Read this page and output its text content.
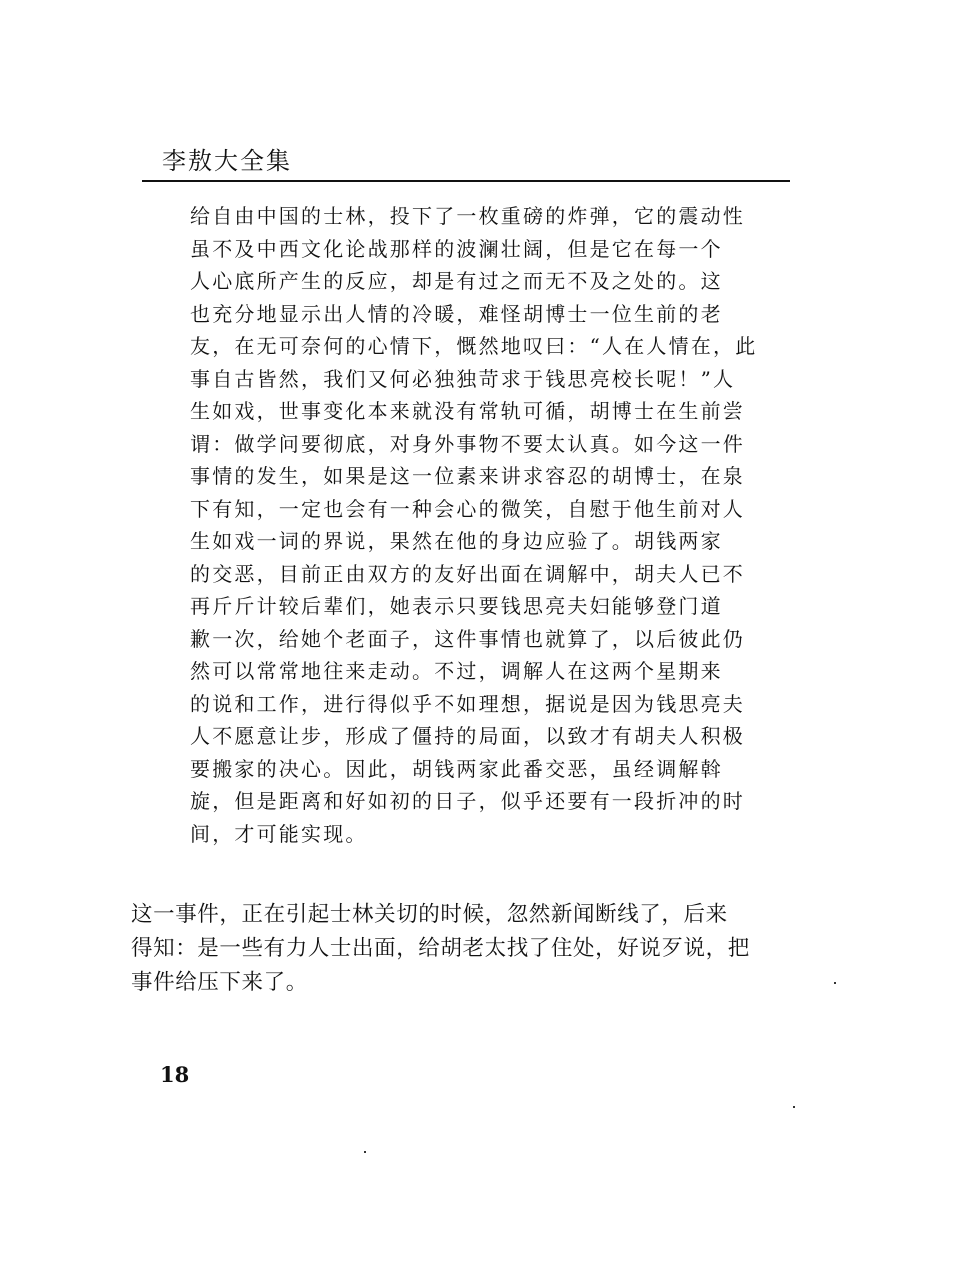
李敖大全集
给自由中国的士林，投下了一枚重磅的炸弹，它的震动性
虽不及中西文化论战那样的波澜壮阔，但是它在每一个
人心底所产生的反应，却是有过之而无不及之处的。这
也充分地显示出人情的冷暖，难怪胡博士一位生前的老
友，在无可奈何的心情下，慨然地叹曰：“人在人情在，此
事自古皆然，我们又何必独独苛求于钱思亮校长呢！”人
生如戏，世事变化本来就没有常轨可循，胡博士在生前尝
谓：做学问要彻底，对身外事物不要太认真。如今这一件
事情的发生，如果是这一位素来讲求容忍的胡博士，在泉
下有知，一定也会有一种会心的微笑，自慰于他生前对人
生如戏一词的界说，果然在他的身边应验了。胡钱两家
的交恶，目前正由双方的友好出面在调解中，胡夫人已不
再斤斤计较后辈们，她表示只要钱思亮夫妇能够登门道
歉一次，给她个老面子，这件事情也就算了，以后彼此仍
然可以常常地往来走动。不过，调解人在这两个星期来
的说和工作，进行得似乎不如理想，据说是因为钱思亮夫
人不愿意让步，形成了僵持的局面，以致才有胡夫人积极
要搬家的决心。因此，胡钱两家此番交恶，虽经调解斡
旋，但是距离和好如初的日子，似乎还要有一段折冲的时
间，才可能实现。
这一事件，正在引起士林关切的时候，忽然新闻断线了，后来
得知：是一些有力人士出面，给胡老太找了住处，好说歹说，把
事件给压下来了。
18
